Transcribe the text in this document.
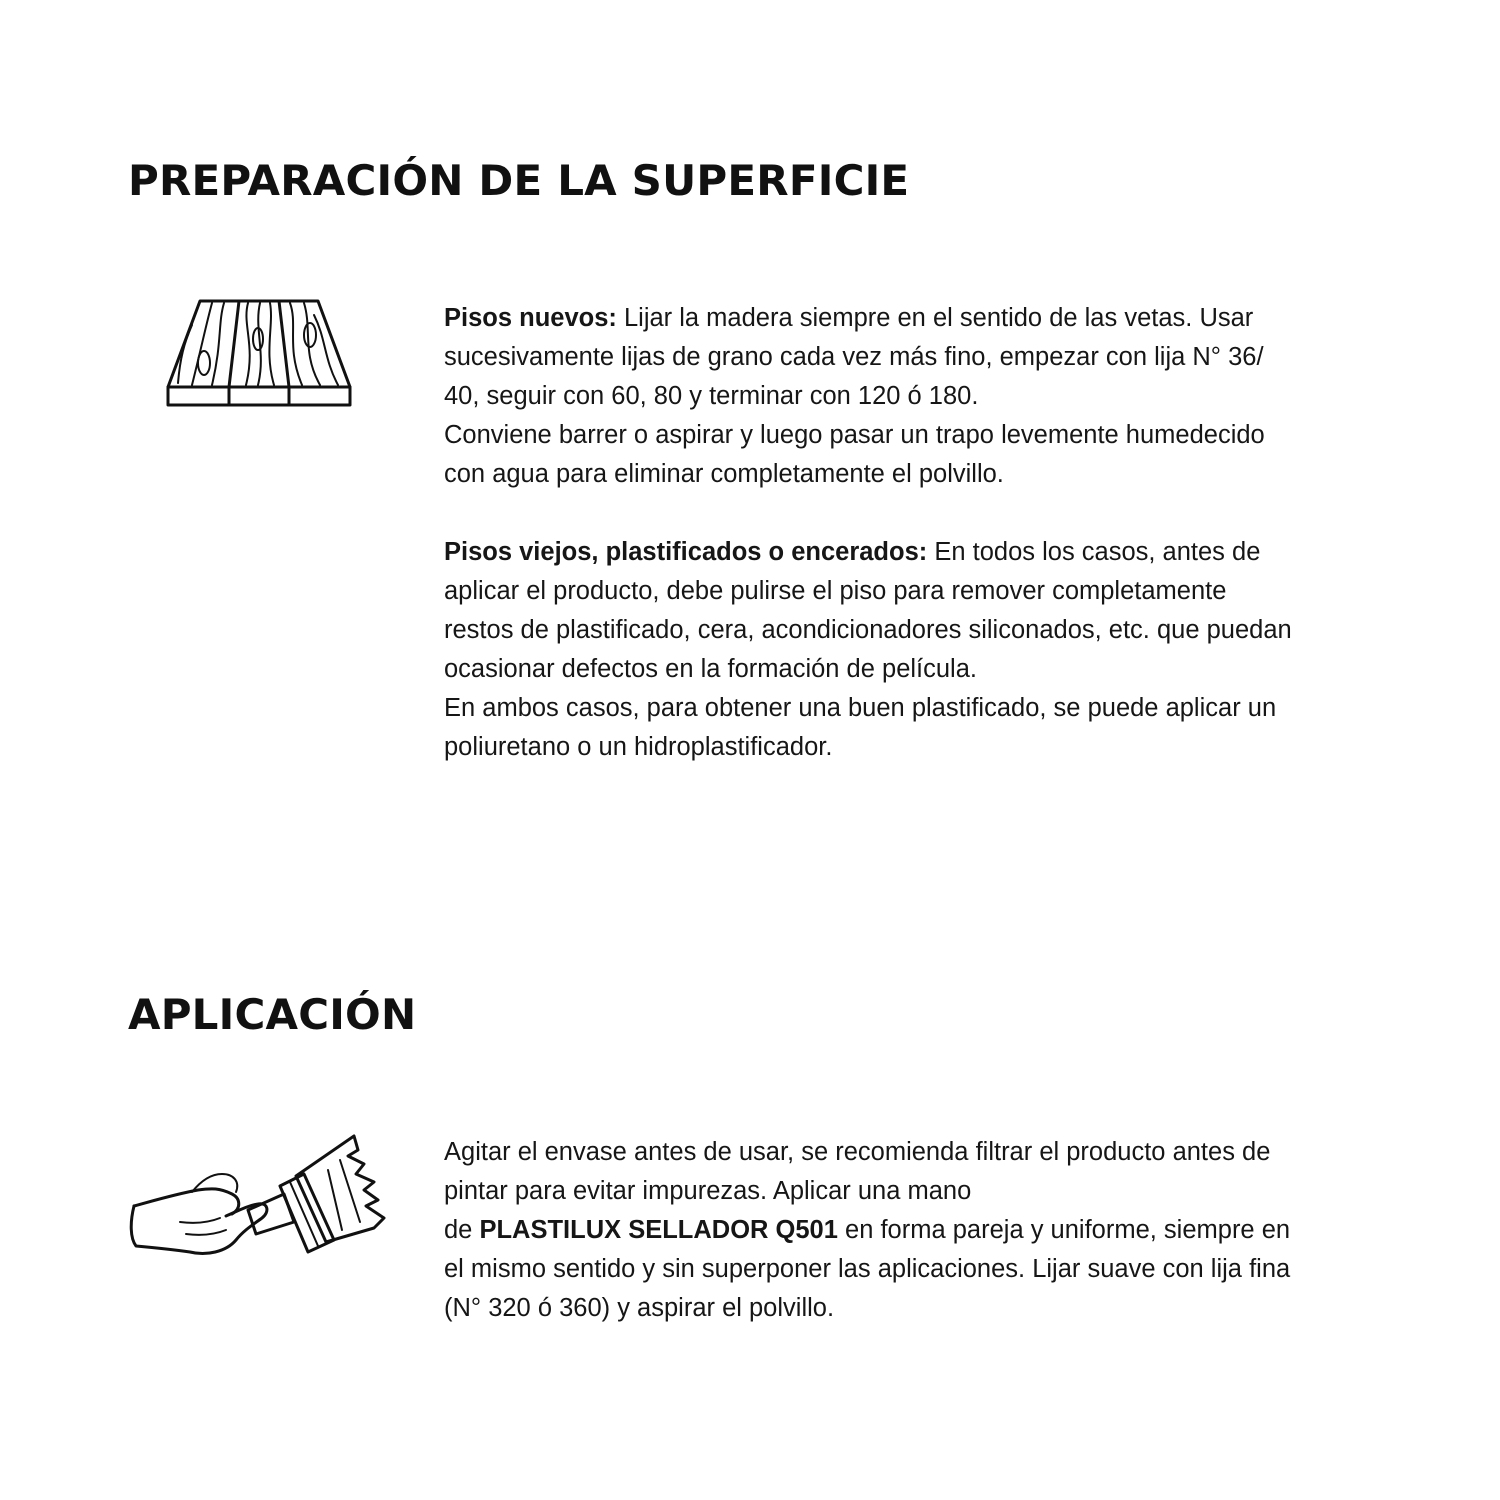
PREPARACIÓN DE LA SUPERFICIE

Pisos nuevos: Lijar la madera siempre en el sentido de las vetas. Usar

sucesivamente lijas de grano cada vez más fino, empezar con lija N° 36/

40, seguir con 60, 80 y terminar con 120 ó 180.

Conviene barrer o aspirar y luego pasar un trapo levemente humedecido

con agua para eliminar completamente el polvillo.

Pisos viejos, plastificados o encerados: En todos los casos, antes de

aplicar el producto, debe pulirse el piso para remover completamente

restos de plastificado, cera, acondicionadores siliconados, etc. que puedan

ocasionar defectos en la formación de película.

En ambos casos, para obtener una buen plastificado, se puede aplicar un

poliuretano o un hidroplastificador.

APLICACIÓN

Agitar el envase antes de usar, se recomienda filtrar el producto antes de

pintar para evitar impurezas. Aplicar una mano

de PLASTILUX SELLADOR Q501 en forma pareja y uniforme, siempre en

el mismo sentido y sin superponer las aplicaciones. Lijar suave con lija fina

(N° 320 ó 360) y aspirar el polvillo.
